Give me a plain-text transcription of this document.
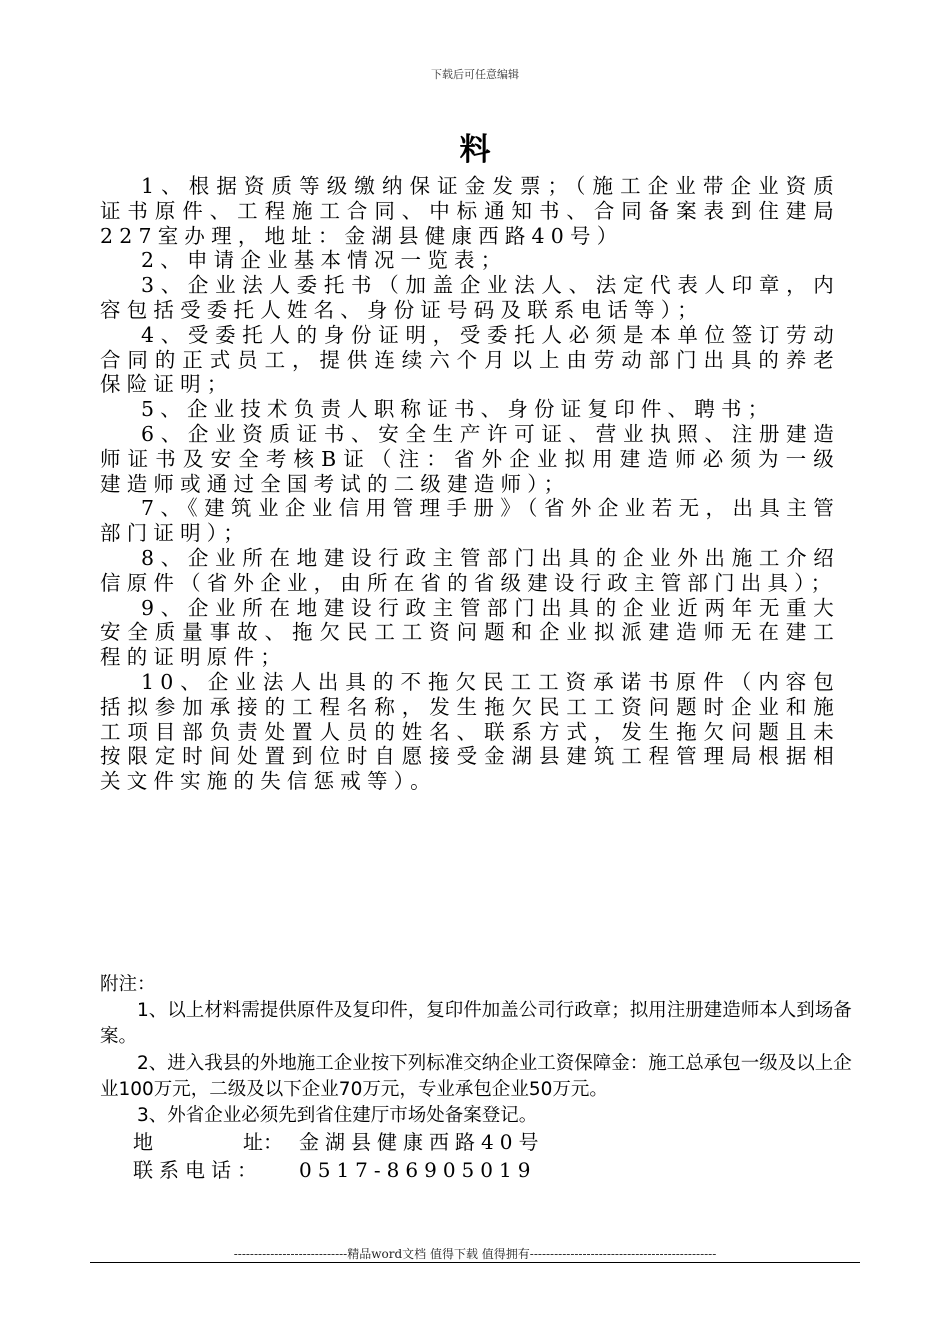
下载后可任意编辑
料

1、根据资质等级缴纳保证金发票；（施工企业带企业资质证书原件、工程施工合同、中标通知书、合同备案表到住建局227室办理，地址：金湖县健康西路40号）

2、申请企业基本情况一览表；

3、企业法人委托书（加盖企业法人、法定代表人印章，内容包括受委托人姓名、身份证号码及联系电话等）；

4、受委托人的身份证明，受委托人必须是本单位签订劳动合同的正式员工，提供连续六个月以上由劳动部门出具的养老保险证明；

5、企业技术负责人职称证书、身份证复印件、聘书；

6、企业资质证书、安全生产许可证、营业执照、注册建造师证书及安全考核B证（注：省外企业拟用建造师必须为一级建造师或通过全国考试的二级建造师）；

7、《建筑业企业信用管理手册》（省外企业若无，出具主管部门证明）；

8、企业所在地建设行政主管部门出具的企业外出施工介绍信原件（省外企业，由所在省的省级建设行政主管部门出具）；

9、企业所在地建设行政主管部门出具的企业近两年无重大安全质量事故、拖欠民工工资问题和企业拟派建造师无在建工程的证明原件；

10、企业法人出具的不拖欠民工工资承诺书原件（内容包括拟参加承接的工程名称，发生拖欠民工工资问题时企业和施工项目部负责处置人员的姓名、联系方式，发生拖欠问题且未按限定时间处置到位时自愿接受金湖县建筑工程管理局根据相关文件实施的失信惩戒等）。

附注：

1、以上材料需提供原件及复印件，复印件加盖公司行政章；拟用注册建造师本人到场备案。

2、进入我县的外地施工企业按下列标准交纳企业工资保障金：施工总承包一级及以上企业100万元，二级及以下企业70万元，专业承包企业50万元。

3、外省企业必须先到省住建厅市场处备案登记。

地	址： 金湖县健康西路40号
联系电话：	0517-86905019
----------------------------精品word文档 值得下载 值得拥有----------------------------------------------
